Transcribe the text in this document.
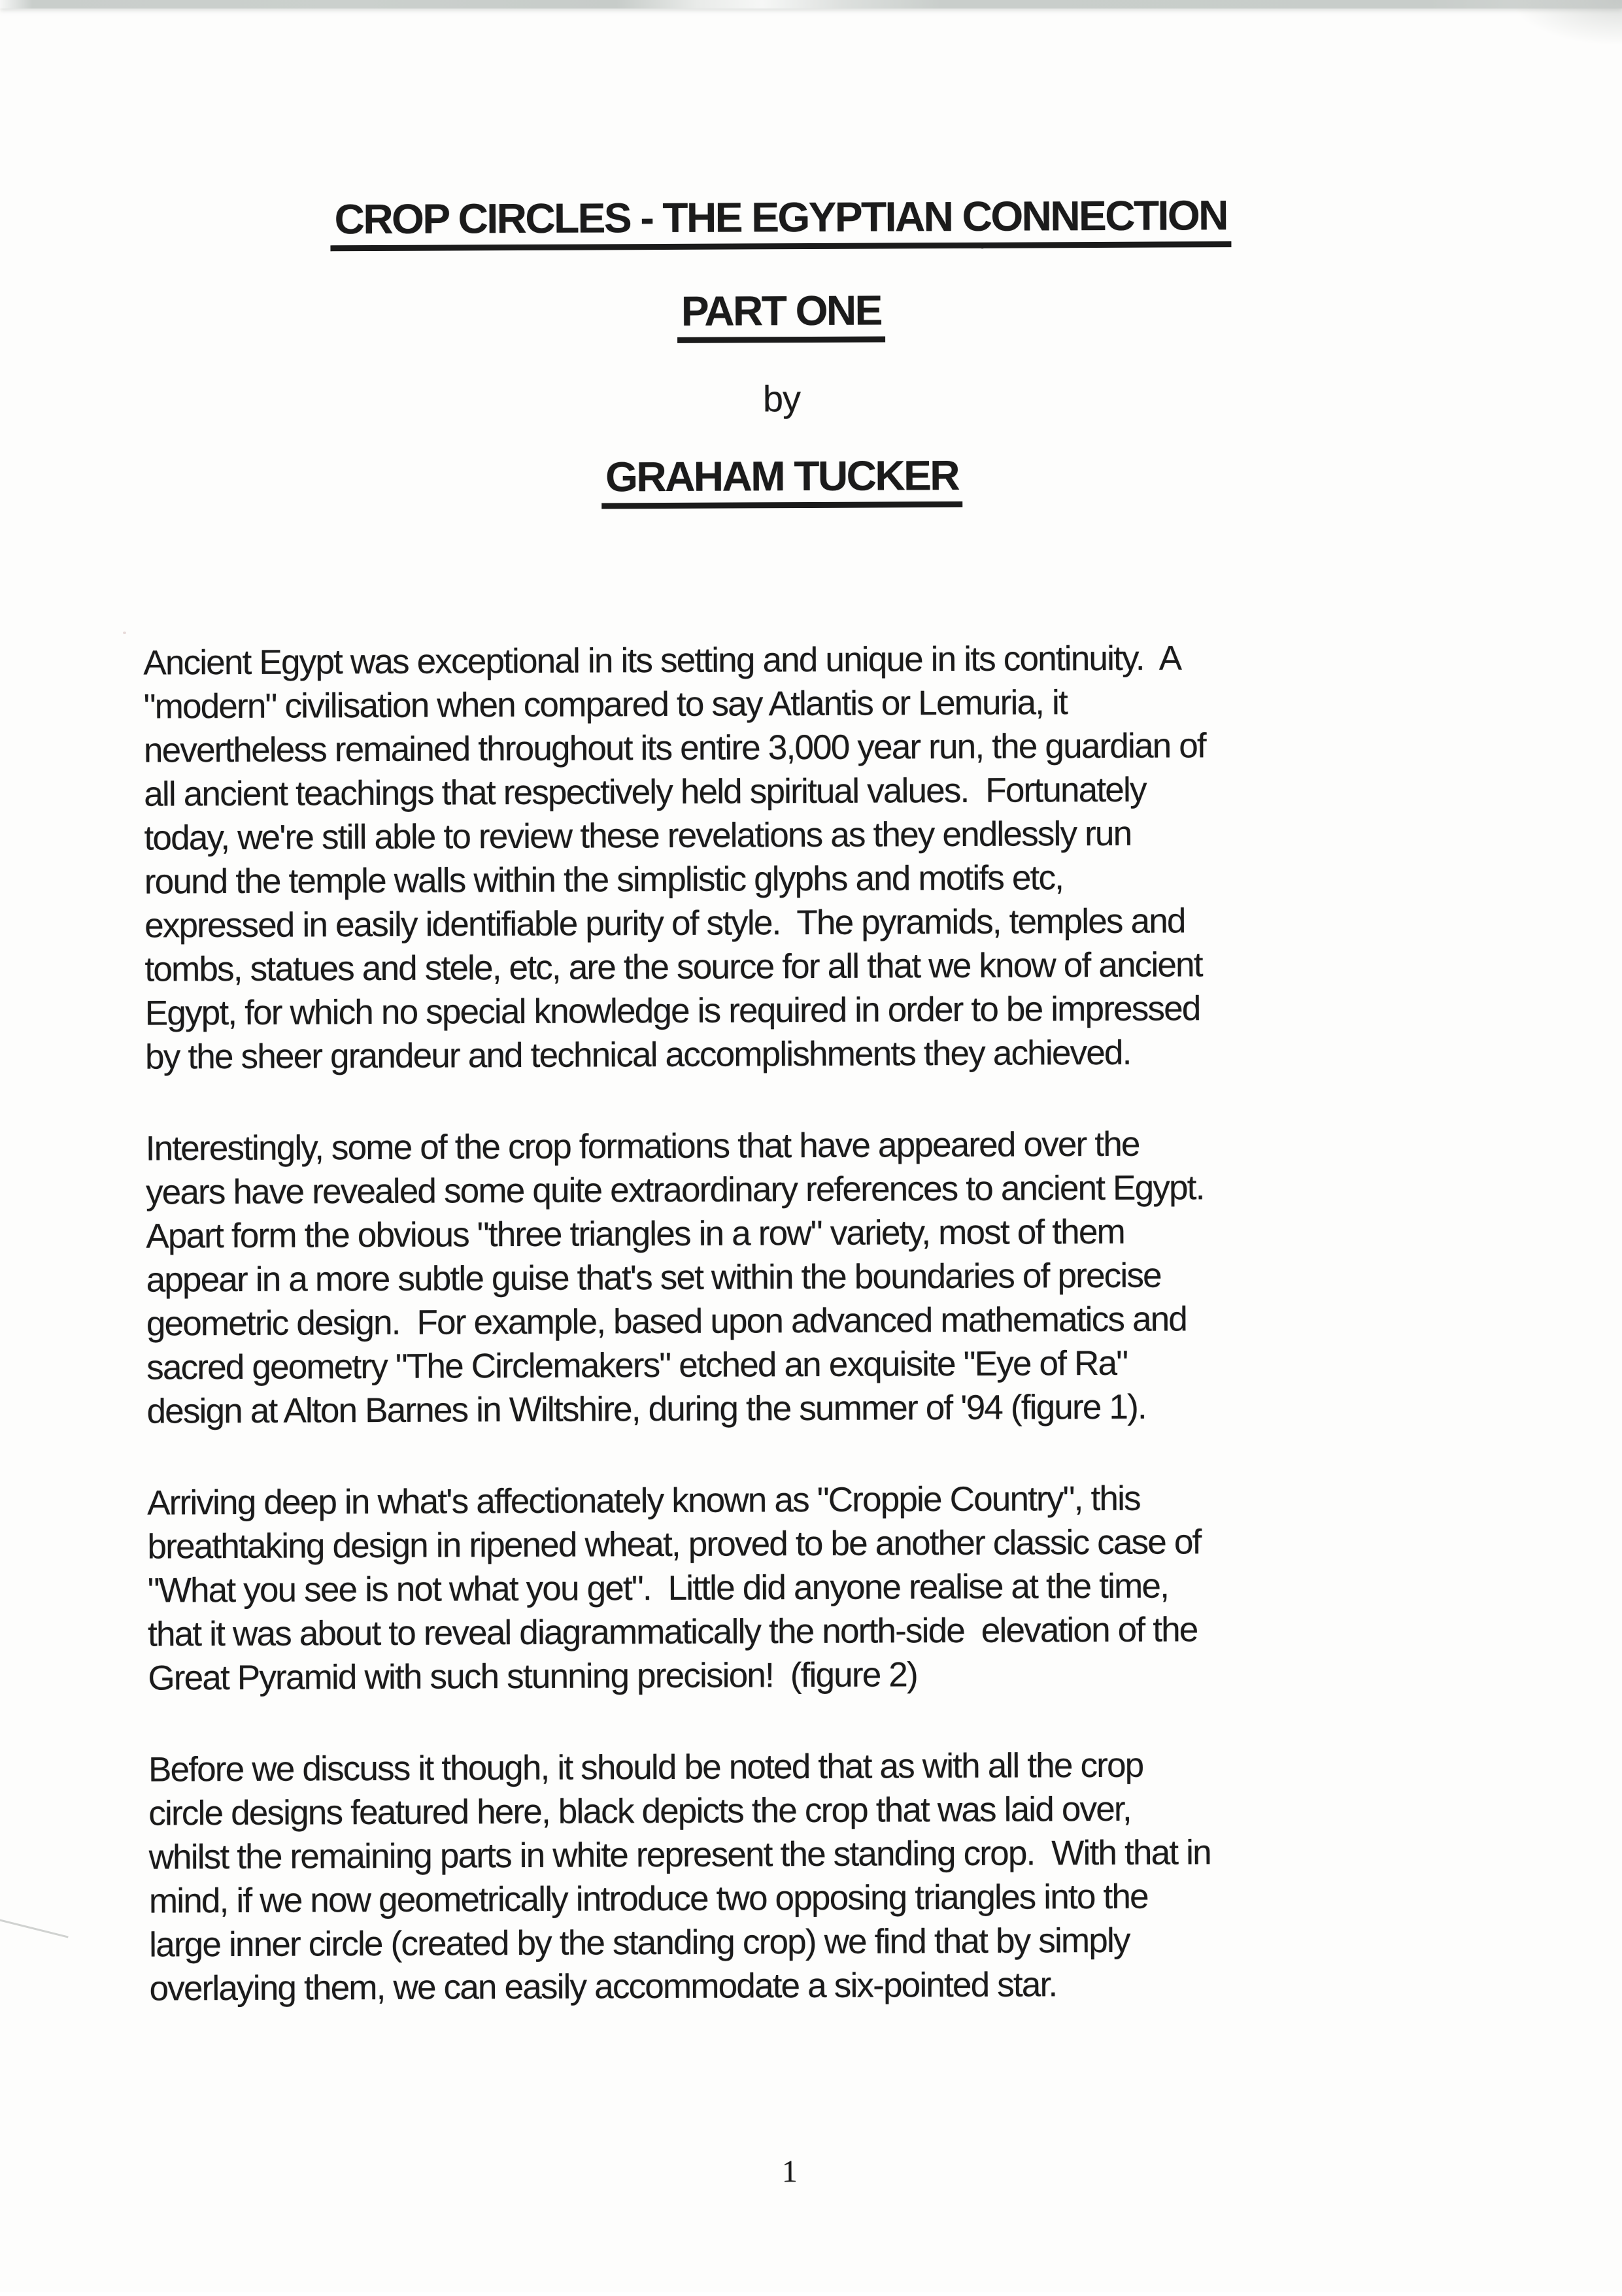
CROP CIRCLES - THE EGYPTIAN CONNECTION
PART ONE
by
GRAHAM TUCKER
Ancient Egypt was exceptional in its setting and unique in its continuity.  A
"modern" civilisation when compared to say Atlantis or Lemuria, it
nevertheless remained throughout its entire 3,000 year run, the guardian of
all ancient teachings that respectively held spiritual values.  Fortunately
today, we're still able to review these revelations as they endlessly run
round the temple walls within the simplistic glyphs and motifs etc,
expressed in easily identifiable purity of style.  The pyramids, temples and
tombs, statues and stele, etc, are the source for all that we know of ancient
Egypt, for which no special knowledge is required in order to be impressed
by the sheer grandeur and technical accomplishments they achieved.
Interestingly, some of the crop formations that have appeared over the
years have revealed some quite extraordinary references to ancient Egypt.
Apart form the obvious "three triangles in a row" variety, most of them
appear in a more subtle guise that's set within the boundaries of precise
geometric design.  For example, based upon advanced mathematics and
sacred geometry "The Circlemakers" etched an exquisite "Eye of Ra"
design at Alton Barnes in Wiltshire, during the summer of '94 (figure 1).
Arriving deep in what's affectionately known as "Croppie Country", this
breathtaking design in ripened wheat, proved to be another classic case of
"What you see is not what you get".  Little did anyone realise at the time,
that it was about to reveal diagrammatically the north-side  elevation of the
Great Pyramid with such stunning precision!  (figure 2)
Before we discuss it though, it should be noted that as with all the crop
circle designs featured here, black depicts the crop that was laid over,
whilst the remaining parts in white represent the standing crop.  With that in
mind, if we now geometrically introduce two opposing triangles into the
large inner circle (created by the standing crop) we find that by simply
overlaying them, we can easily accommodate a six-pointed star.
1
